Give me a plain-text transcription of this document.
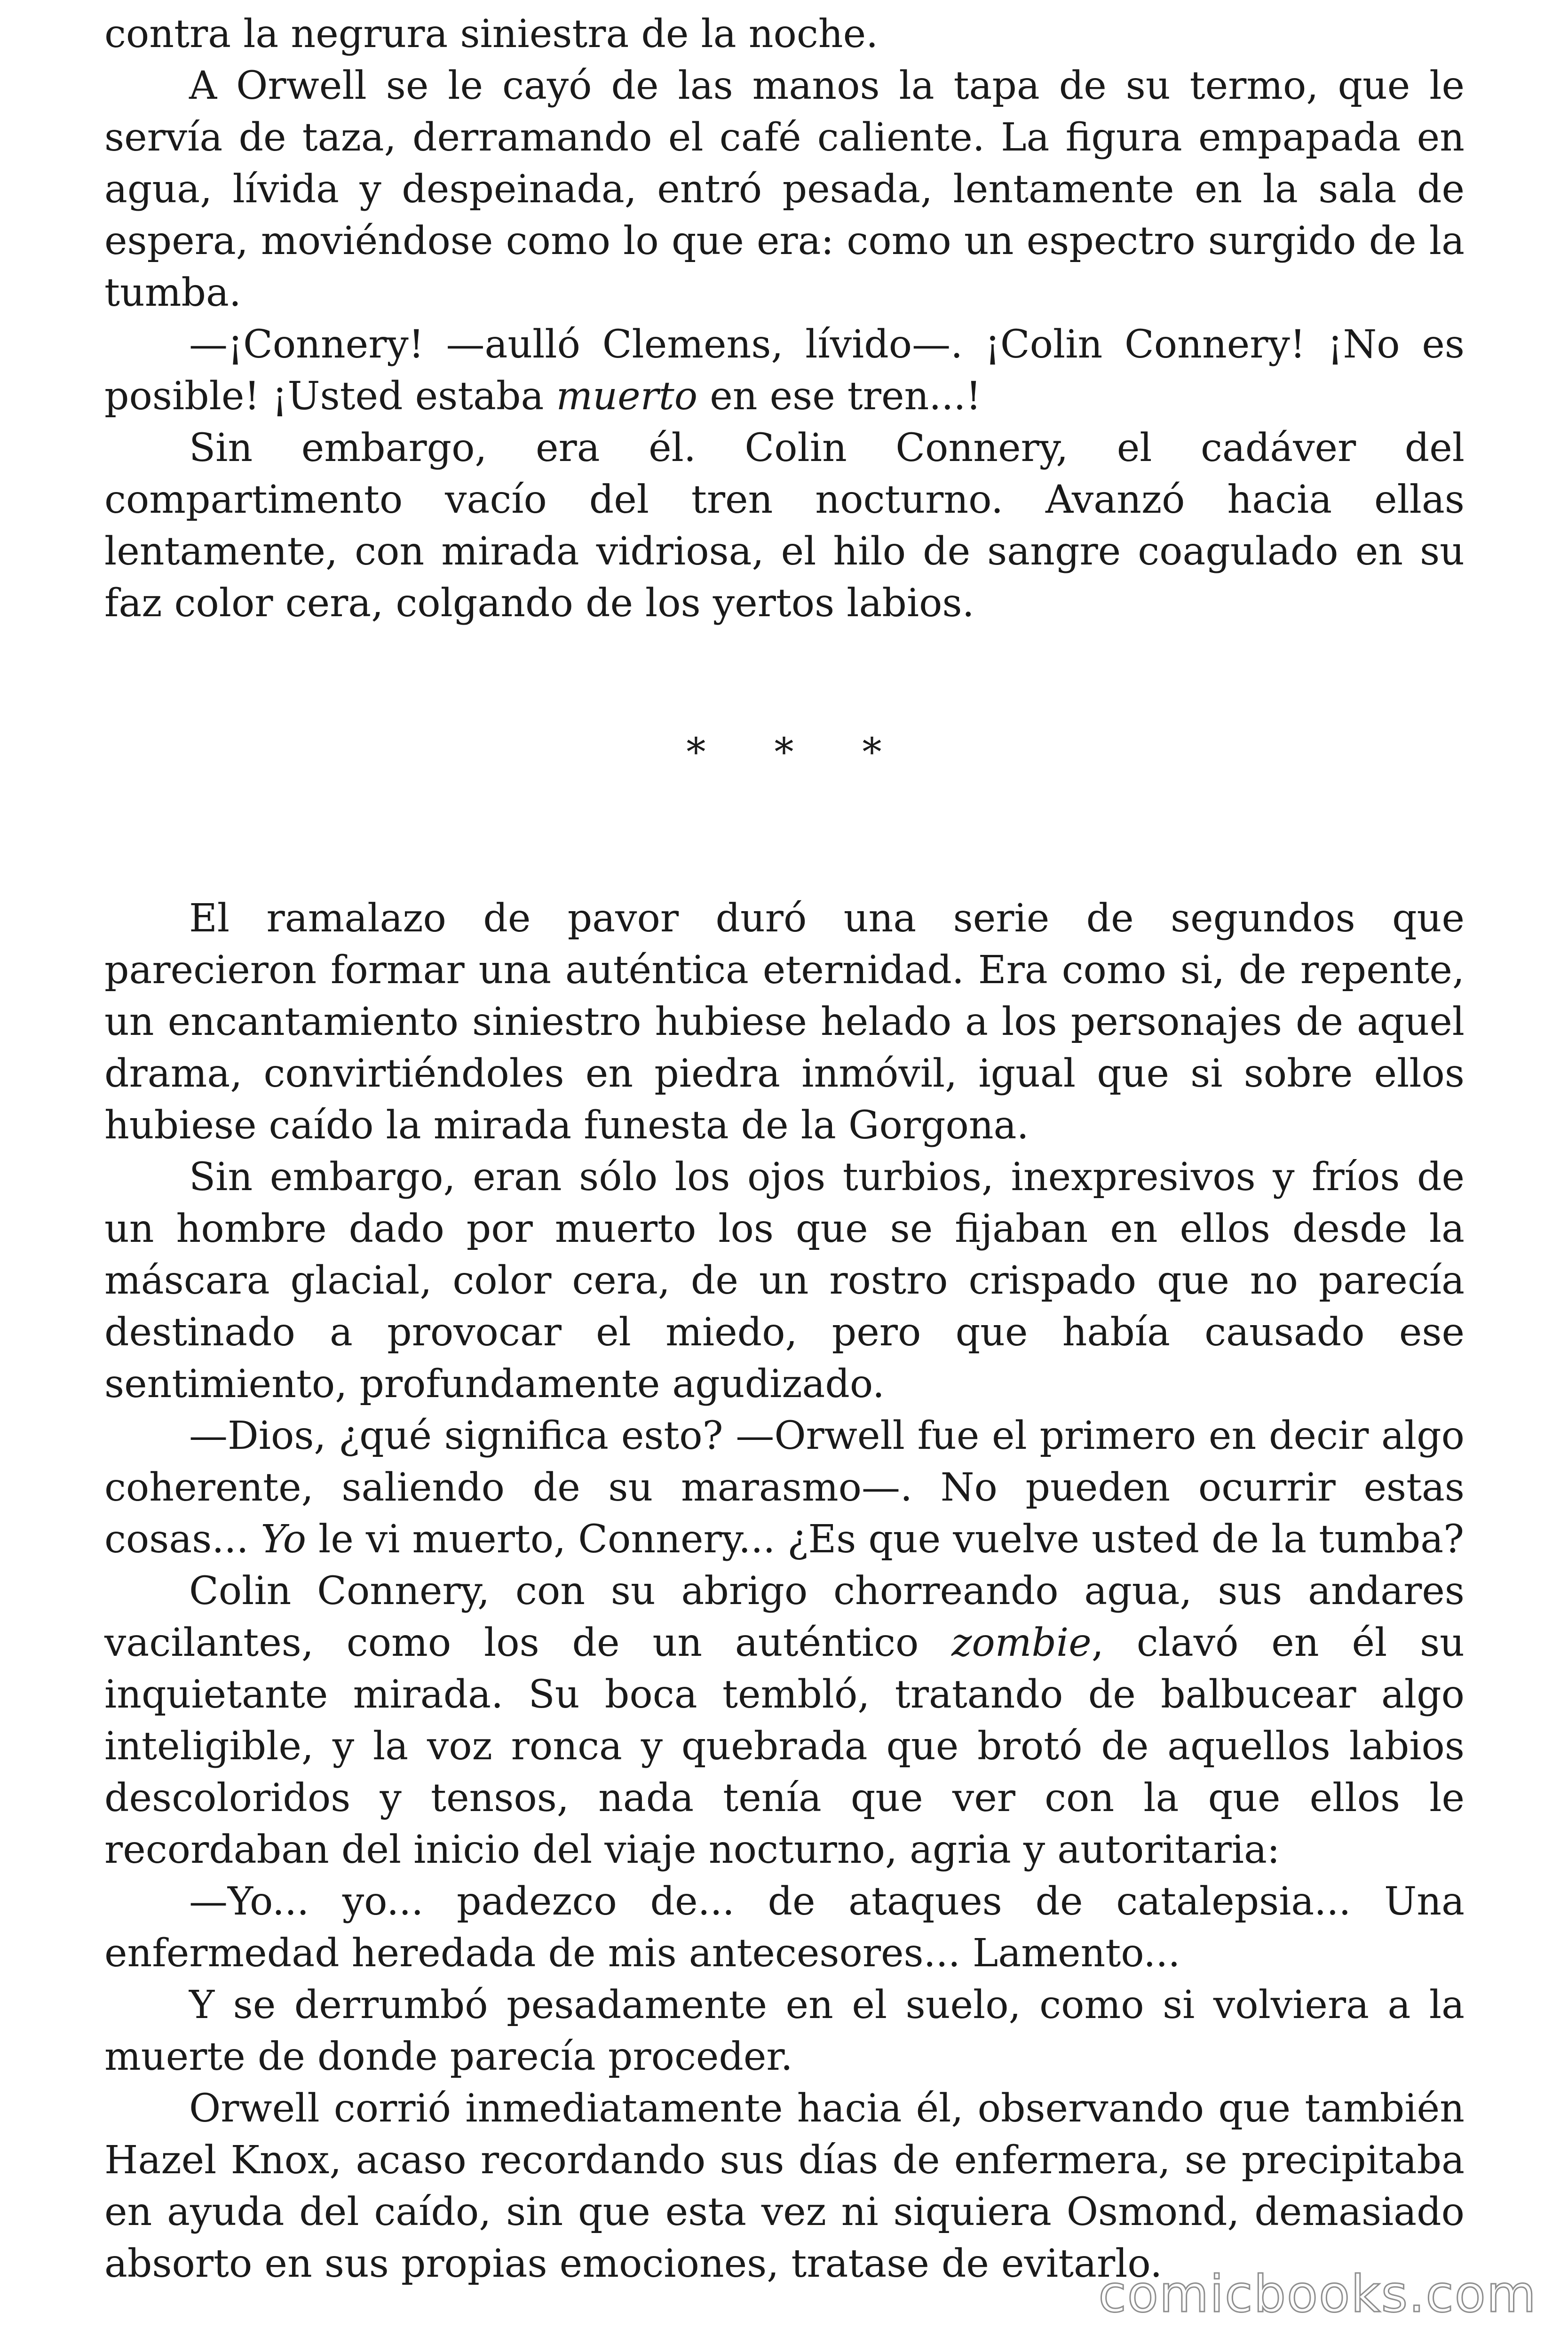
contra la negrura siniestra de la noche.

A Orwell se le cayó de las manos la tapa de su termo, que le servía de taza, derramando el café caliente. La figura empapada en agua, lívida y despeinada, entró pesada, lentamente en la sala de espera, moviéndose como lo que era: como un espectro surgido de la tumba.

—¡Connery! —aulló Clemens, lívido—. ¡Colin Connery! ¡No es posible! ¡Usted estaba muerto en ese tren...!

Sin embargo, era él. Colin Connery, el cadáver del compartimento vacío del tren nocturno. Avanzó hacia ellas lentamente, con mirada vidriosa, el hilo de sangre coagulado en su faz color cera, colgando de los yertos labios.

* * *

El ramalazo de pavor duró una serie de segundos que parecieron formar una auténtica eternidad. Era como si, de repente, un encantamiento siniestro hubiese helado a los personajes de aquel drama, convirtiéndoles en piedra inmóvil, igual que si sobre ellos hubiese caído la mirada funesta de la Gorgona.

Sin embargo, eran sólo los ojos turbios, inexpresivos y fríos de un hombre dado por muerto los que se fijaban en ellos desde la máscara glacial, color cera, de un rostro crispado que no parecía destinado a provocar el miedo, pero que había causado ese sentimiento, profundamente agudizado.

—Dios, ¿qué significa esto? —Orwell fue el primero en decir algo coherente, saliendo de su marasmo—. No pueden ocurrir estas cosas... Yo le vi muerto, Connery... ¿Es que vuelve usted de la tumba?

Colin Connery, con su abrigo chorreando agua, sus andares vacilantes, como los de un auténtico zombie, clavó en él su inquietante mirada. Su boca tembló, tratando de balbucear algo inteligible, y la voz ronca y quebrada que brotó de aquellos labios descoloridos y tensos, nada tenía que ver con la que ellos le recordaban del inicio del viaje nocturno, agria y autoritaria:

—Yo... yo... padezco de... de ataques de catalepsia... Una enfermedad heredada de mis antecesores... Lamento...

Y se derrumbó pesadamente en el suelo, como si volviera a la muerte de donde parecía proceder.

Orwell corrió inmediatamente hacia él, observando que también Hazel Knox, acaso recordando sus días de enfermera, se precipitaba en ayuda del caído, sin que esta vez ni siquiera Osmond, demasiado absorto en sus propias emociones, tratase de evitarlo.

comicbooks.com
